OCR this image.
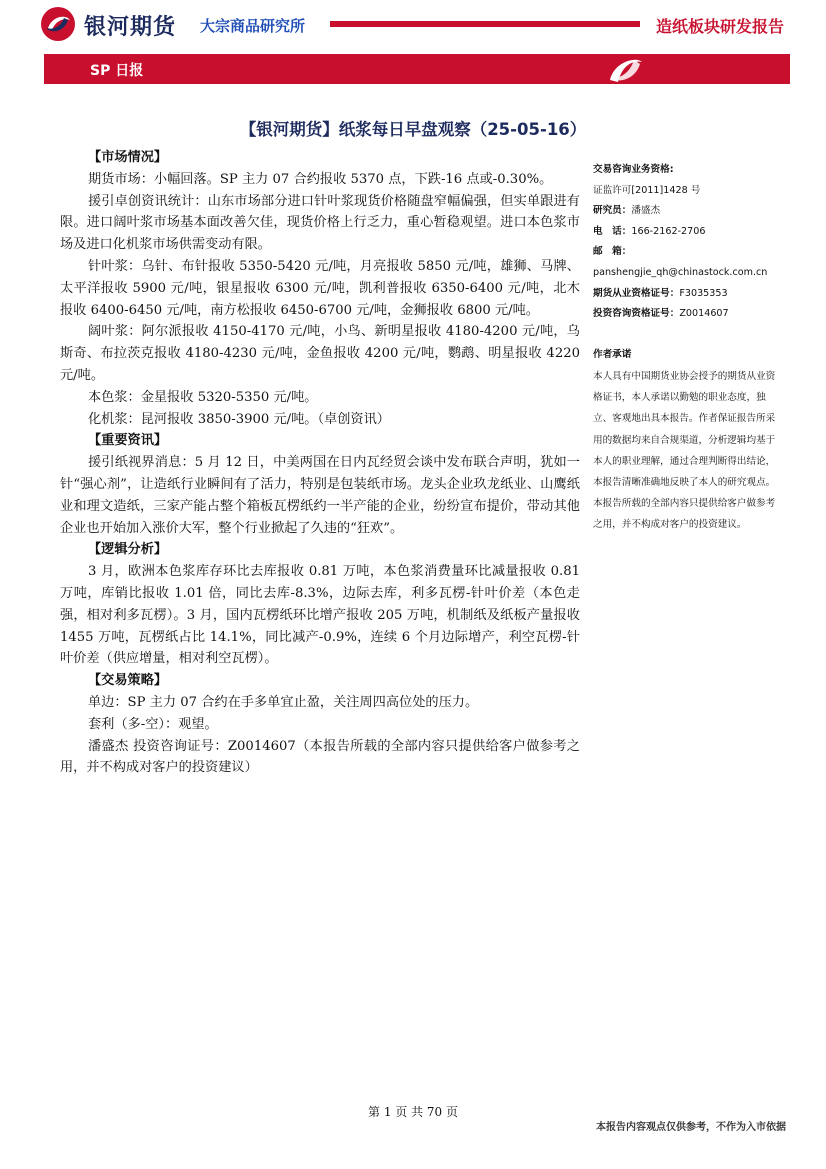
银河期货 大宗商品研究所	造纸板块研发报告
SP 日报
【银河期货】纸浆每日早盘观察（25-05-16）

【市场情况】

期货市场：小幅回落。SP 主力 07 合约报收 5370 点，下跌-16 点或-0.30%。

援引卓创资讯统计：山东市场部分进口针叶浆现货价格随盘窄幅偏强，但实单跟进有限。进口阔叶浆市场基本面改善欠佳，现货价格上行乏力，重心暂稳观望。进口本色浆市场及进口化机浆市场供需变动有限。

针叶浆：乌针、布针报收 5350-5420 元/吨，月亮报收 5850 元/吨，雄狮、马牌、太平洋报收 5900 元/吨，银星报收 6300 元/吨，凯利普报收 6350-6400 元/吨，北木报收 6400-6450 元/吨，南方松报收 6450-6700 元/吨，金狮报收 6800 元/吨。

阔叶浆：阿尔派报收 4150-4170 元/吨，小鸟、新明星报收 4180-4200 元/吨，乌斯奇、布拉茨克报收 4180-4230 元/吨，金鱼报收 4200 元/吨，鹦鹉、明星报收 4220 元/吨。

本色浆：金星报收 5320-5350 元/吨。

化机浆：昆河报收 3850-3900 元/吨。（卓创资讯）

【重要资讯】

援引纸视界消息：5 月 12 日，中美两国在日内瓦经贸会谈中发布联合声明，犹如一针“强心剂”，让造纸行业瞬间有了活力，特别是包装纸市场。龙头企业玖龙纸业、山鹰纸业和理文造纸，三家产能占整个箱板瓦楞纸约一半产能的企业，纷纷宣布提价，带动其他企业也开始加入涨价大军，整个行业掀起了久违的“狂欢”。

【逻辑分析】

3 月，欧洲本色浆库存环比去库报收 0.81 万吨，本色浆消费量环比减量报收 0.81 万吨，库销比报收 1.01 倍，同比去库-8.3%，边际去库，利多瓦楞-针叶价差（本色走强，相对利多瓦楞）。3 月，国内瓦楞纸环比增产报收 205 万吨，机制纸及纸板产量报收 1455 万吨，瓦楞纸占比 14.1%，同比减产-0.9%，连续 6 个月边际增产，利空瓦楞-针叶价差（供应增量，相对利空瓦楞）。

【交易策略】

单边：SP 主力 07 合约在手多单宜止盈，关注周四高位处的压力。

套利（多-空）：观望。

潘盛杰 投资咨询证号：Z0014607（本报告所载的全部内容只提供给客户做参考之用，并不构成对客户的投资建议）

交易咨询业务资格:
证监许可[2011]1428 号
研究员：潘盛杰
电　话：166-2162-2706
邮　箱：
panshengjie_qh@chinastock.com.cn
期货从业资格证号：F3035353
投资咨询资格证号：Z0014607
作者承诺
本人具有中国期货业协会授予的期货从业资格证书，本人承诺以勤勉的职业态度，独立、客观地出具本报告。作者保证报告所采用的数据均来自合规渠道，分析逻辑均基于本人的职业理解，通过合理判断得出结论，本报告清晰准确地反映了本人的研究观点。本报告所载的全部内容只提供给客户做参考之用，并不构成对客户的投资建议。
第 1 页 共 70 页
本报告内容观点仅供参考，不作为入市依据
